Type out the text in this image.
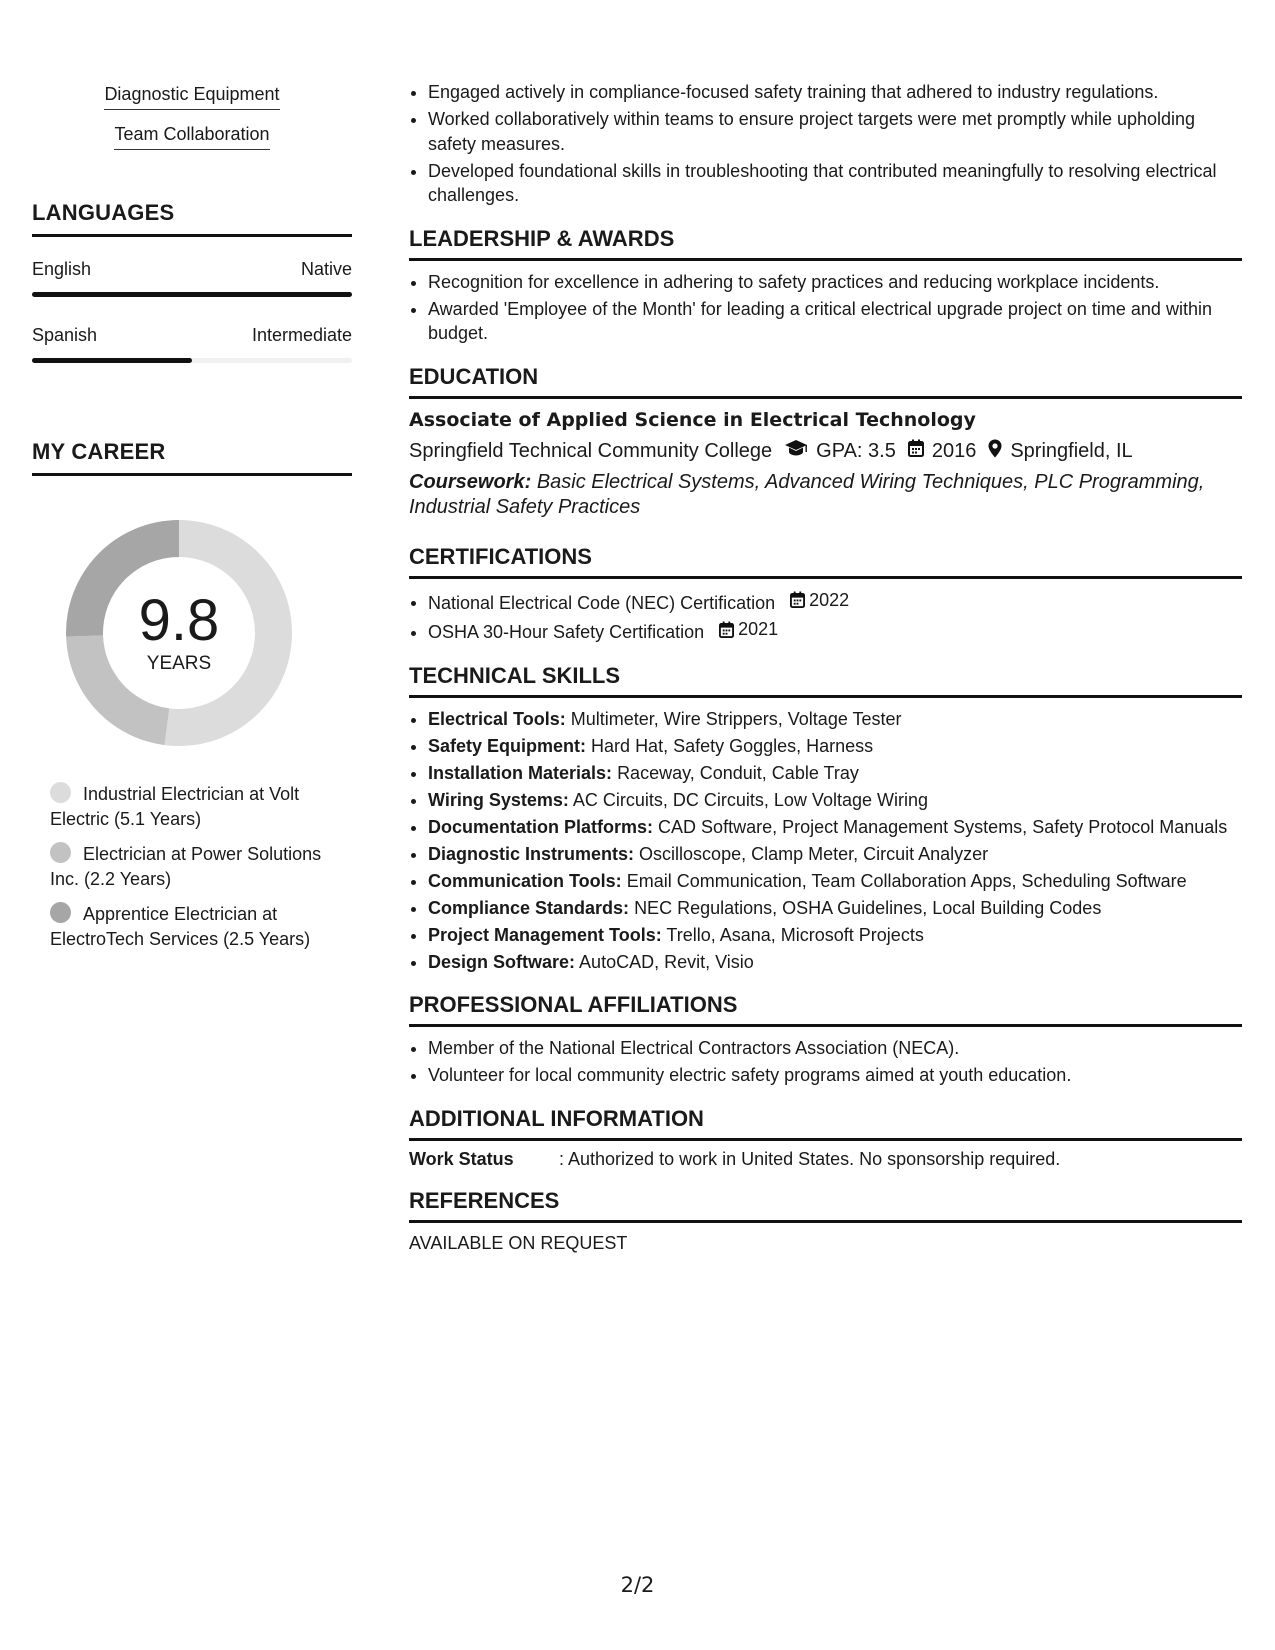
Diagnostic Equipment
Team Collaboration
LANGUAGES
English	Native
Spanish	Intermediate
MY CAREER
9.8
YEARS
Industrial Electrician at Volt Electric (5.1 Years)
Electrician at Power Solutions Inc. (2.2 Years)
Apprentice Electrician at ElectroTech Services (2.5 Years)
• Engaged actively in compliance-focused safety training that adhered to industry regulations.
• Worked collaboratively within teams to ensure project targets were met promptly while upholding safety measures.
• Developed foundational skills in troubleshooting that contributed meaningfully to resolving electrical challenges.
LEADERSHIP & AWARDS
• Recognition for excellence in adhering to safety practices and reducing workplace incidents.
• Awarded 'Employee of the Month' for leading a critical electrical upgrade project on time and within budget.
EDUCATION
Associate of Applied Science in Electrical Technology
Springfield Technical Community College GPA: 3.5 2016 Springfield, IL
Coursework: Basic Electrical Systems, Advanced Wiring Techniques, PLC Programming, Industrial Safety Practices
CERTIFICATIONS
• National Electrical Code (NEC) Certification 2022
• OSHA 30-Hour Safety Certification 2021
TECHNICAL SKILLS
• Electrical Tools: Multimeter, Wire Strippers, Voltage Tester
• Safety Equipment: Hard Hat, Safety Goggles, Harness
• Installation Materials: Raceway, Conduit, Cable Tray
• Wiring Systems: AC Circuits, DC Circuits, Low Voltage Wiring
• Documentation Platforms: CAD Software, Project Management Systems, Safety Protocol Manuals
• Diagnostic Instruments: Oscilloscope, Clamp Meter, Circuit Analyzer
• Communication Tools: Email Communication, Team Collaboration Apps, Scheduling Software
• Compliance Standards: NEC Regulations, OSHA Guidelines, Local Building Codes
• Project Management Tools: Trello, Asana, Microsoft Projects
• Design Software: AutoCAD, Revit, Visio
PROFESSIONAL AFFILIATIONS
• Member of the National Electrical Contractors Association (NECA).
• Volunteer for local community electric safety programs aimed at youth education.
ADDITIONAL INFORMATION
Work Status	: Authorized to work in United States. No sponsorship required.
REFERENCES
AVAILABLE ON REQUEST
2/2
